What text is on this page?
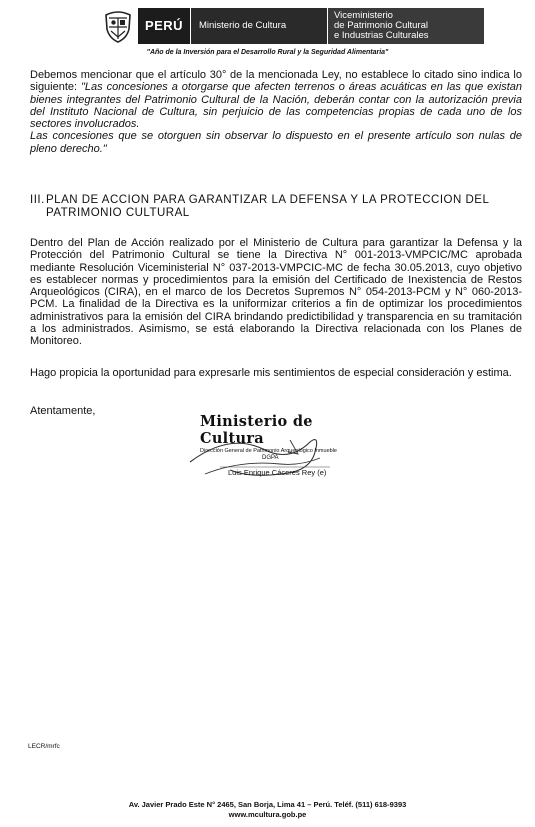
PERÚ Ministerio de Cultura
Viceministerio
de Patrimonio Cultural
e Industrias Culturales
"Año de la Inversión para el Desarrollo Rural y la Seguridad Alimentaria"
Debemos mencionar que el artículo 30° de la mencionada Ley, no establece lo citado sino indica lo siguiente: "Las concesiones a otorgarse que afecten terrenos o áreas acuáticas en las que existan bienes integrantes del Patrimonio Cultural de la Nación, deberán contar con la autorización previa del Instituto Nacional de Cultura, sin perjuicio de las competencias propias de cada uno de los sectores involucrados.
Las concesiones que se otorguen sin observar lo dispuesto en el presente artículo son nulas de pleno derecho."
III.PLAN DE ACCION PARA GARANTIZAR LA DEFENSA Y LA PROTECCION DEL
PATRIMONIO CULTURAL
Dentro del Plan de Acción realizado por el Ministerio de Cultura para garantizar la Defensa y la Protección del Patrimonio Cultural se tiene la Directiva N° 001-2013-VMPCIC/MC aprobada mediante Resolución Viceministerial N° 037-2013-VMPCIC-MC de fecha 30.05.2013, cuyo objetivo es establecer normas y procedimientos para la emisión del Certificado de Inexistencia de Restos Arqueológicos (CIRA), en el marco de los Decretos Supremos N° 054-2013-PCM y N° 060-2013-PCM. La finalidad de la Directiva es la uniformizar criterios a fin de optimizar los procedimientos administrativos para la emisión del CIRA brindando predictibilidad y transparencia en su tramitación a los administrados. Asimismo, se está elaborando la Directiva relacionada con los Planes de Monitoreo.
Hago propicia la oportunidad para expresarle mis sentimientos de especial consideración y estima.
Atentamente,
Ministerio de Cultura
Dirección General de Patrimonio Arqueológico Inmueble
DGPA
Luis Enrique Cáceres Rey (e)
LECR/mrfc
Av. Javier Prado Este N° 2465, San Borja, Lima 41 – Perú. Teléf. (511) 618-9393
www.mcultura.gob.pe
